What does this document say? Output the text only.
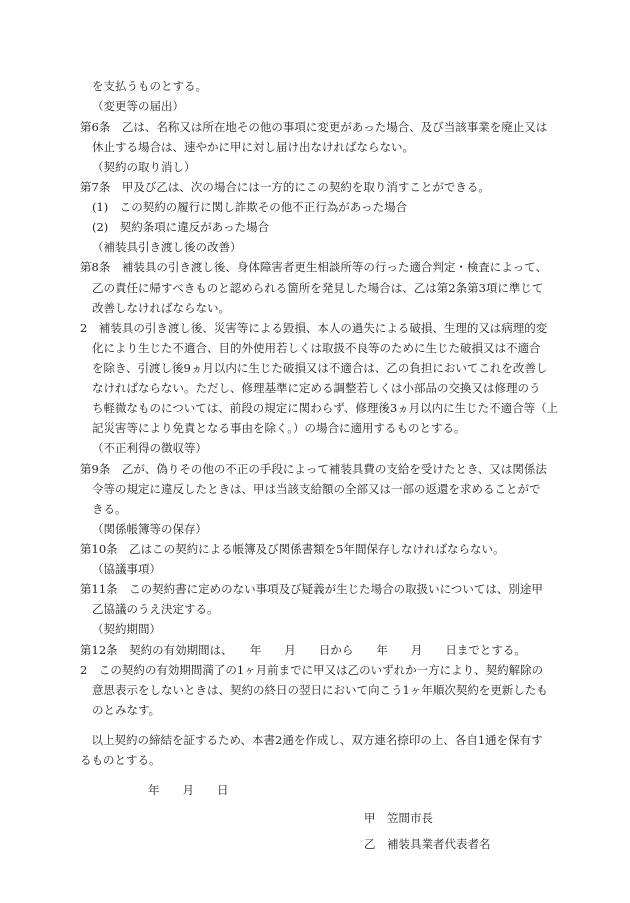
を支払うものとする。
（変更等の届出）
第6条　乙は、名称又は所在地その他の事項に変更があった場合、及び当該事業を廃止又は
休止する場合は、速やかに甲に対し届け出なければならない。
（契約の取り消し）
第7条　甲及び乙は、次の場合には一方的にこの契約を取り消すことができる。
(1)　この契約の履行に関し詐欺その他不正行為があった場合
(2)　契約条項に違反があった場合
（補装具引き渡し後の改善）
第8条　補装具の引き渡し後、身体障害者更生相談所等の行った適合判定・検査によって、
乙の責任に帰すべきものと認められる箇所を発見した場合は、乙は第2条第3項に準じて
改善しなければならない。
2　補装具の引き渡し後、災害等による毀損、本人の過失による破損、生理的又は病理的変
化により生じた不適合、目的外使用若しくは取扱不良等のために生じた破損又は不適合
を除き、引渡し後9ヵ月以内に生じた破損又は不適合は、乙の負担においてこれを改善し
なければならない。ただし、修理基準に定める調整若しくは小部品の交換又は修理のう
ち軽微なものについては、前段の規定に関わらず、修理後3ヵ月以内に生じた不適合等（上
記災害等により免責となる事由を除く。）の場合に適用するものとする。
（不正利得の徴収等）
第9条　乙が、偽りその他の不正の手段によって補装具費の支給を受けたとき、又は関係法
令等の規定に違反したときは、甲は当該支給額の全部又は一部の返還を求めることがで
きる。
（関係帳簿等の保存）
第10条　乙はこの契約による帳簿及び関係書類を5年間保存しなければならない。
（協議事項）
第11条　この契約書に定めのない事項及び疑義が生じた場合の取扱いについては、別途甲
乙協議のうえ決定する。
（契約期間）
第12条　契約の有効期間は、　　年　　月　　日から　　年　　月　　日までとする。
2　この契約の有効期間満了の1ヶ月前までに甲又は乙のいずれか一方により、契約解除の
意思表示をしないときは、契約の終日の翌日において向こう1ヶ年順次契約を更新したも
のとみなす。
　以上契約の締結を証するため、本書2通を作成し、双方連名捺印の上、各自1通を保有す
るものとする。
年　　月　　日
甲　笠間市長
乙　補装具業者代表者名
